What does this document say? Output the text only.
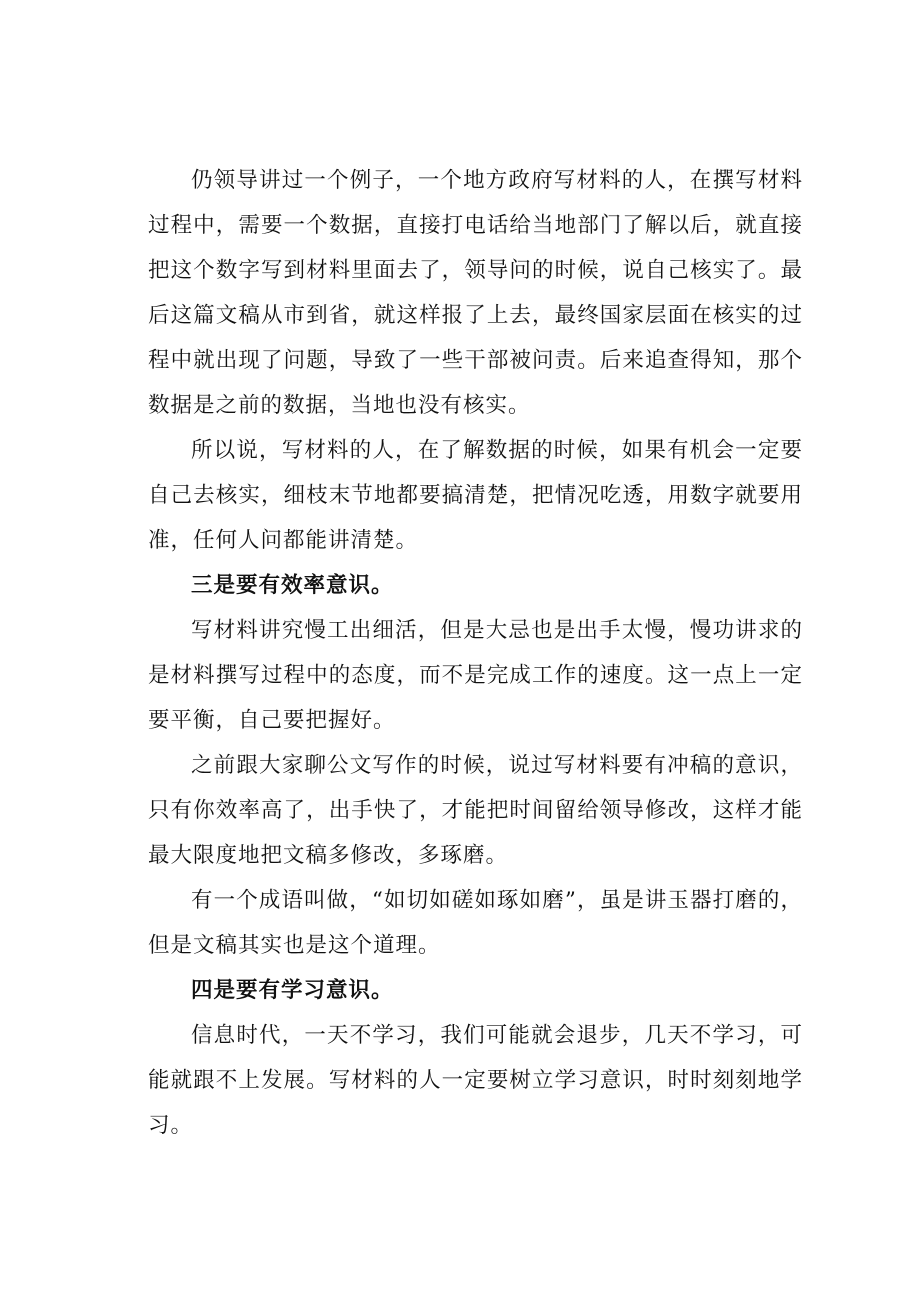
仍领导讲过一个例子，一个地方政府写材料的人，在撰写材料过程中，需要一个数据，直接打电话给当地部门了解以后，就直接把这个数字写到材料里面去了，领导问的时候，说自己核实了。最后这篇文稿从市到省，就这样报了上去，最终国家层面在核实的过程中就出现了问题，导致了一些干部被问责。后来追查得知，那个数据是之前的数据，当地也没有核实。

所以说，写材料的人，在了解数据的时候，如果有机会一定要自己去核实，细枝末节地都要搞清楚，把情况吃透，用数字就要用准，任何人问都能讲清楚。

三是要有效率意识。

写材料讲究慢工出细活，但是大忌也是出手太慢，慢功讲求的是材料撰写过程中的态度，而不是完成工作的速度。这一点上一定要平衡，自己要把握好。

之前跟大家聊公文写作的时候，说过写材料要有冲稿的意识，只有你效率高了，出手快了，才能把时间留给领导修改，这样才能最大限度地把文稿多修改，多琢磨。

有一个成语叫做，“如切如磋如琢如磨”，虽是讲玉器打磨的，但是文稿其实也是这个道理。

四是要有学习意识。

信息时代，一天不学习，我们可能就会退步，几天不学习，可能就跟不上发展。写材料的人一定要树立学习意识，时时刻刻地学习。
